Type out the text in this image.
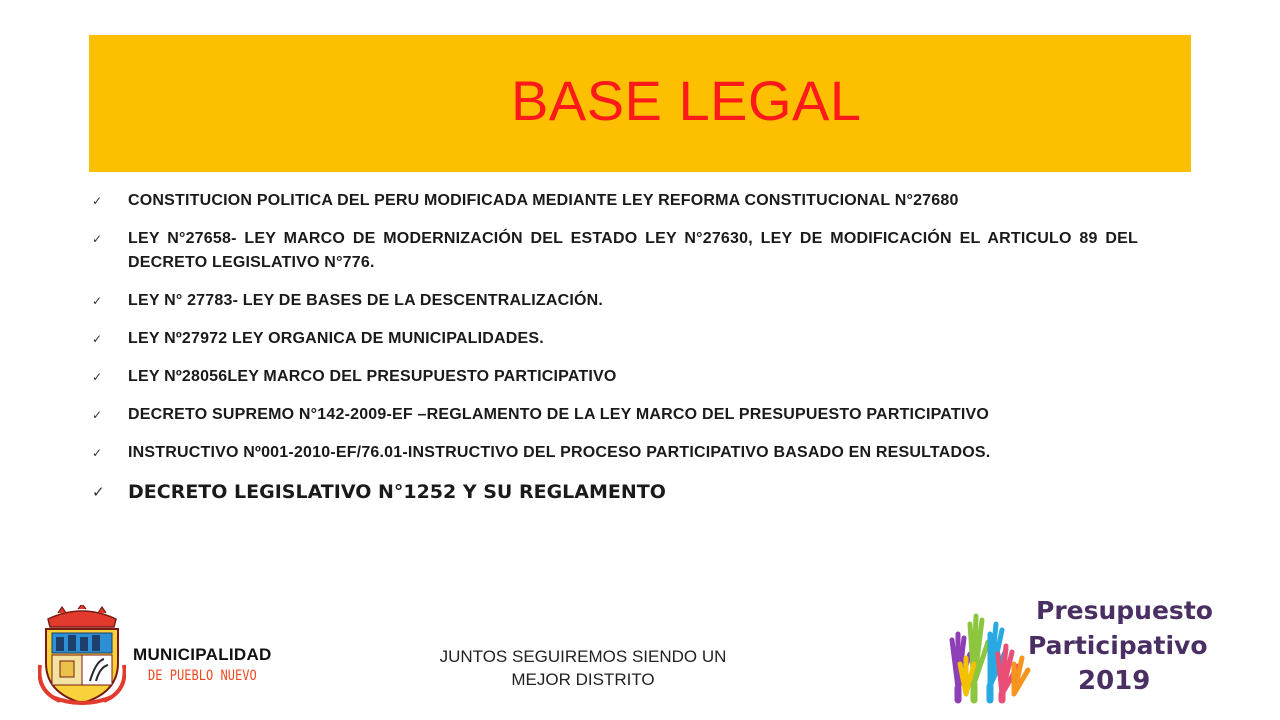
BASE LEGAL
✓ CONSTITUCION POLITICA DEL PERU MODIFICADA MEDIANTE LEY REFORMA CONSTITUCIONAL N°27680
✓ LEY N°27658- LEY MARCO DE MODERNIZACIÓN DEL ESTADO LEY N°27630, LEY DE MODIFICACIÓN EL ARTICULO 89 DEL DECRETO LEGISLATIVO N°776.
✓ LEY N° 27783- LEY DE BASES DE LA DESCENTRALIZACIÓN.
✓ LEY Nº27972 LEY ORGANICA DE MUNICIPALIDADES.
✓ LEY Nº28056LEY MARCO DEL PRESUPUESTO PARTICIPATIVO
✓ DECRETO SUPREMO N°142-2009-EF –REGLAMENTO DE LA LEY MARCO DEL PRESUPUESTO PARTICIPATIVO
✓ INSTRUCTIVO Nº001-2010-EF/76.01-INSTRUCTIVO DEL PROCESO PARTICIPATIVO BASADO EN RESULTADOS.
✓ DECRETO LEGISLATIVO N°1252 Y SU REGLAMENTO

MUNICIPALIDAD

DE PUEBLO NUEVO

JUNTOS SEGUIREMOS SIENDO UN MEJOR DISTRITO

Presupuesto

Participativo

2019
